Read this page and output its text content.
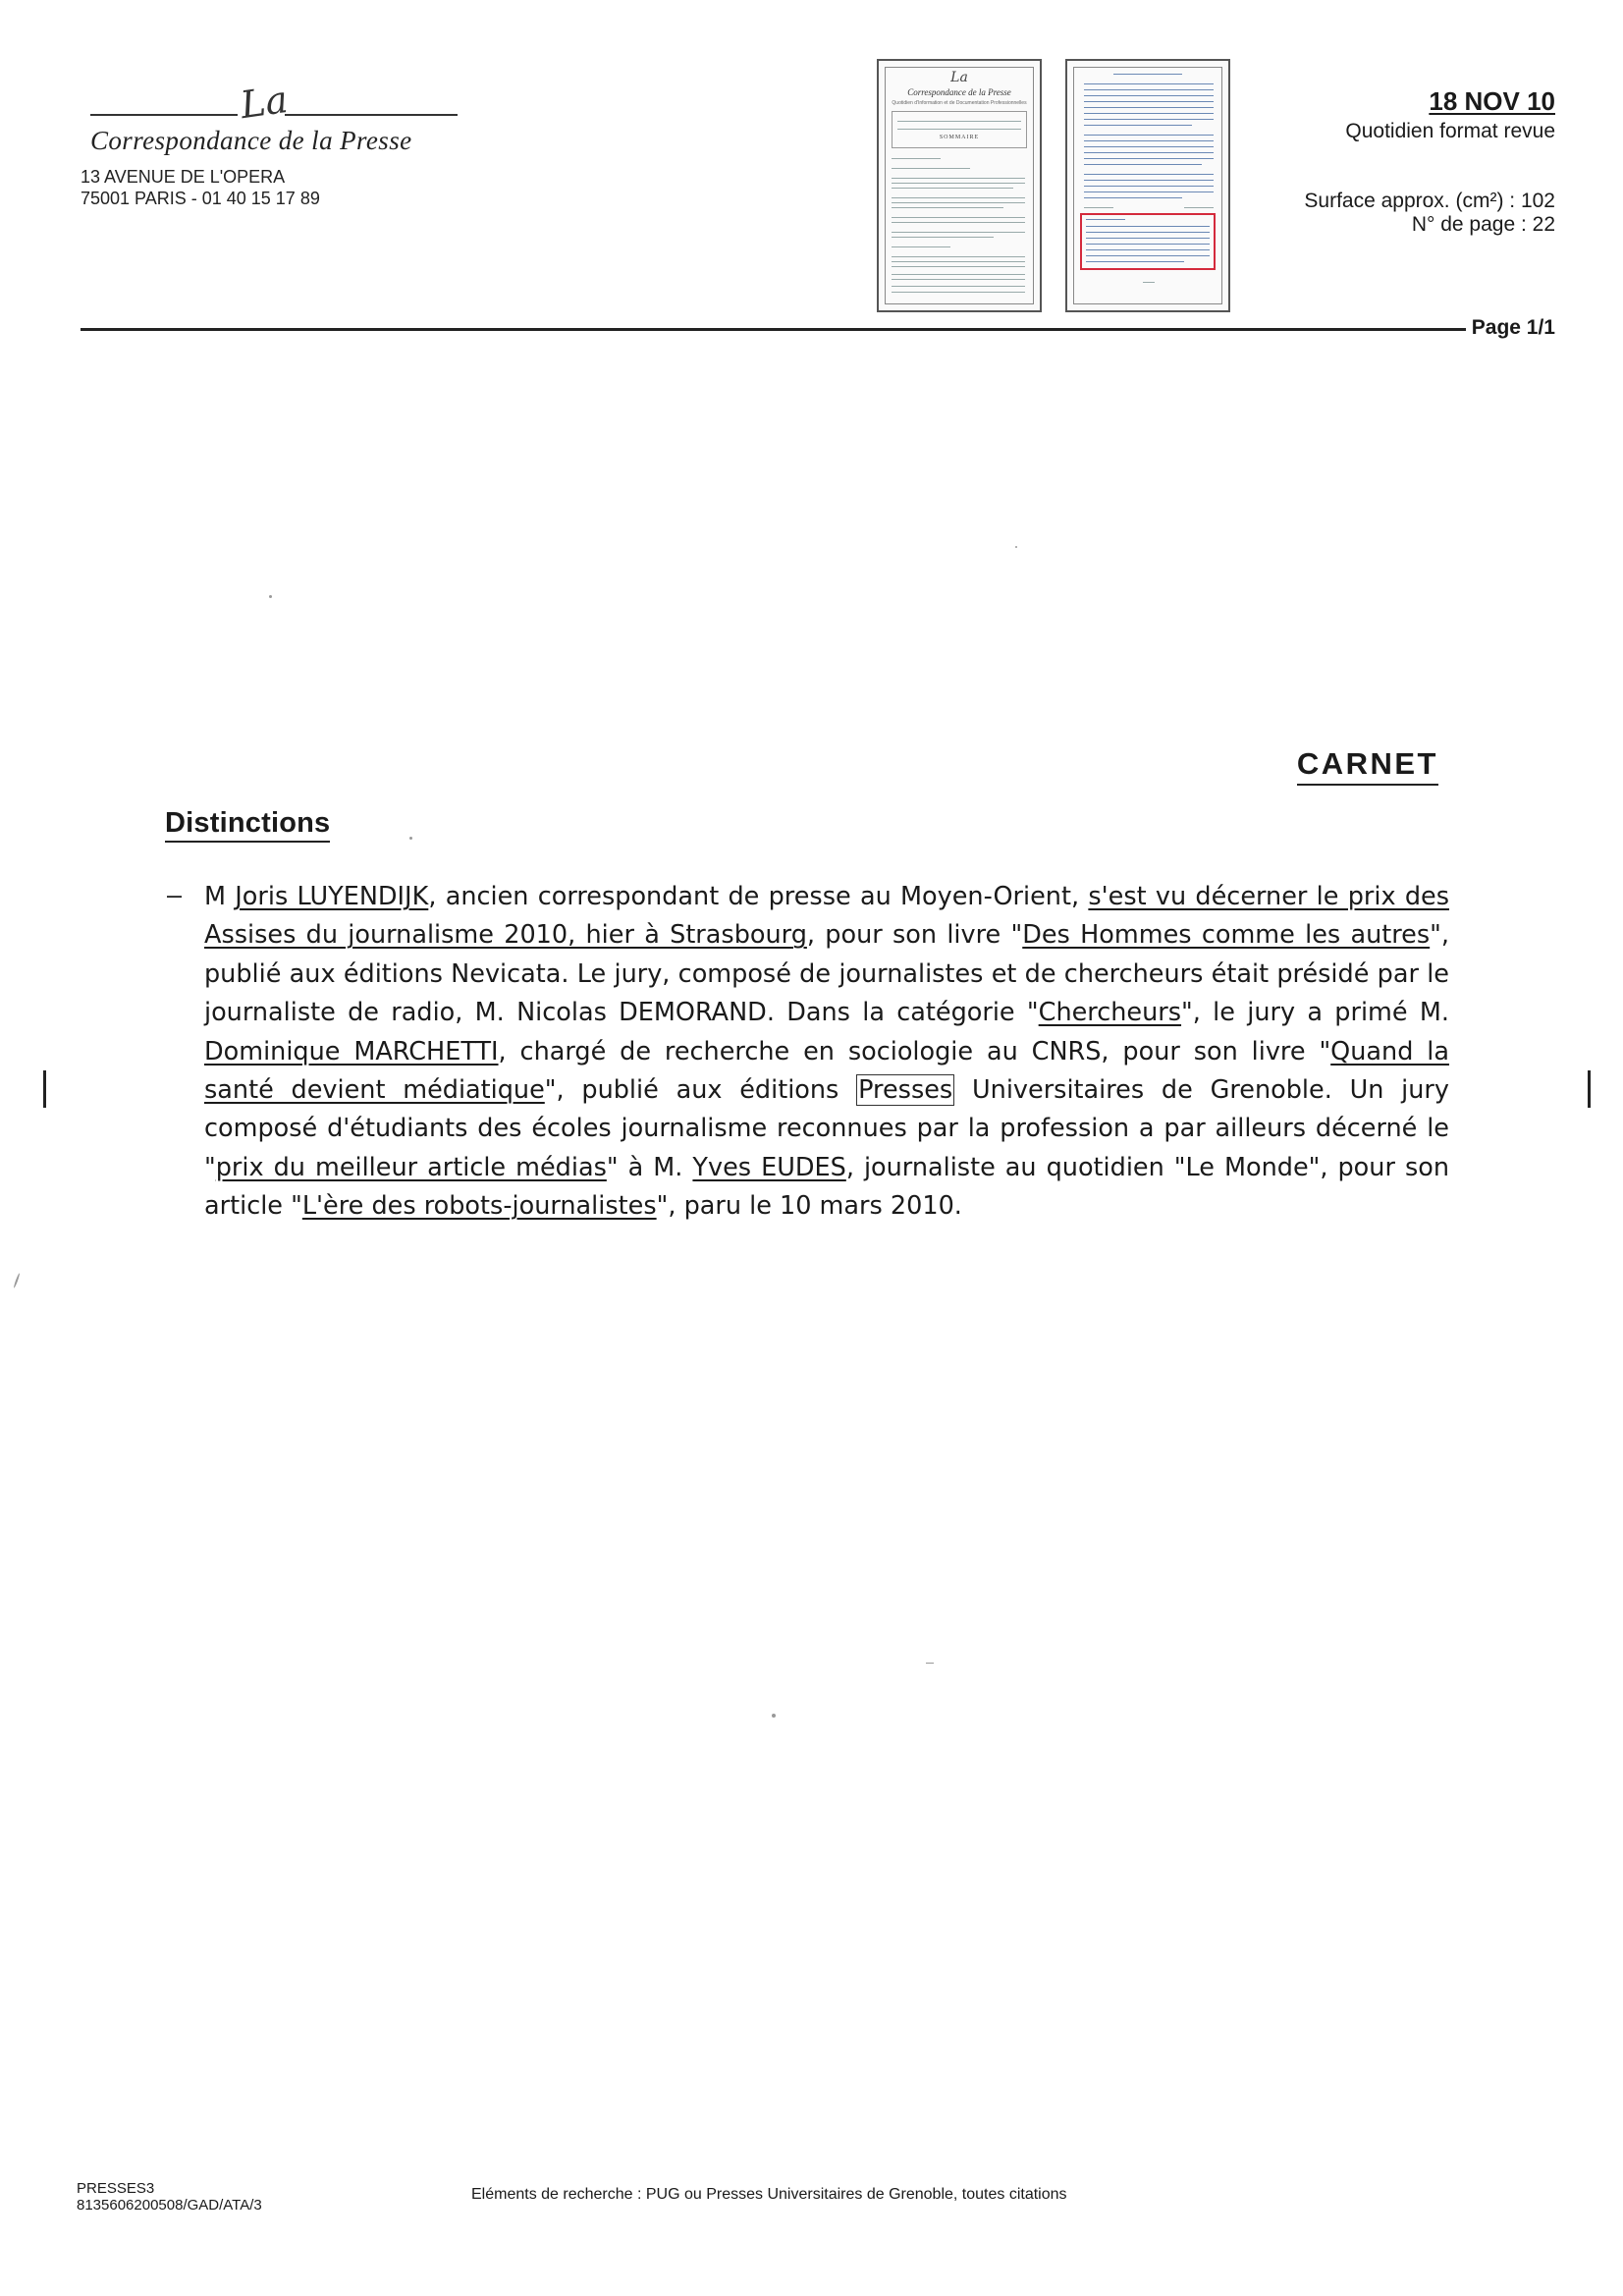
La
Correspondance de la Presse
13 AVENUE DE L'OPERA
75001 PARIS - 01 40 15 17 89
La
Correspondance de la Presse
Quotidien d'Information et de Documentation Professionnelles
SOMMAIRE
18 NOV 10
Quotidien format revue
Surface approx. (cm²) : 102
N° de page : 22
Page 1/1
CARNET
Distinctions
– M Joris LUYENDIJK, ancien correspondant de presse au Moyen-Orient, s'est vu décerner le prix des Assises du journalisme 2010, hier à Strasbourg, pour son livre "Des Hommes comme les autres", publié aux éditions Nevicata. Le jury, composé de journalistes et de chercheurs était présidé par le journaliste de radio, M. Nicolas DEMORAND. Dans la catégorie "Chercheurs", le jury a primé M. Dominique MARCHETTI, chargé de recherche en sociologie au CNRS, pour son livre "Quand la santé devient médiatique", publié aux éditions Presses Universitaires de Grenoble. Un jury composé d'étudiants des écoles journalisme reconnues par la profession a par ailleurs décerné le "prix du meilleur article médias" à M. Yves EUDES, journaliste au quotidien "Le Monde", pour son article "L'ère des robots-journalistes", paru le 10 mars 2010.
PRESSES3
8135606200508/GAD/ATA/3
Eléments de recherche : PUG ou Presses Universitaires de Grenoble, toutes citations
